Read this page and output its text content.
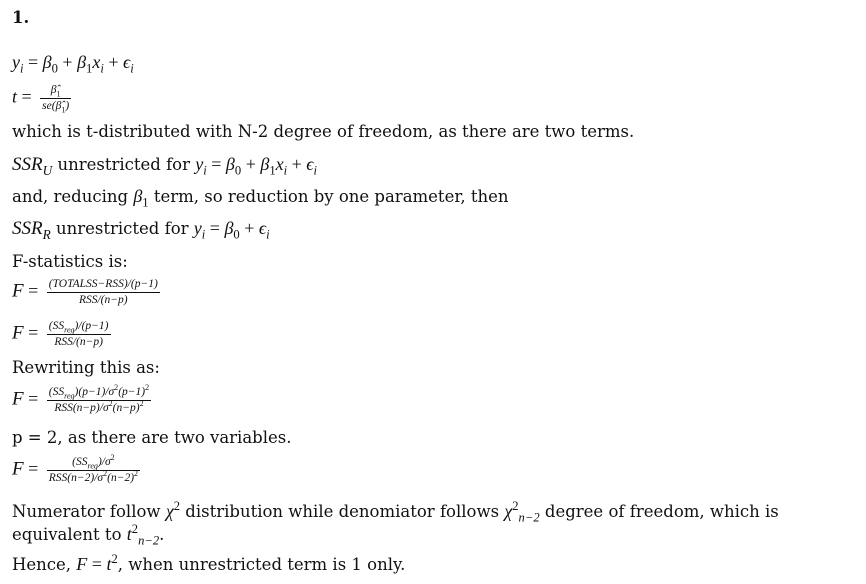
1.
$y_i = \beta_0 + \beta_1x_i + \epsilon_i$
$t = \frac{\betâ_1}{se(\betâ_1)}$
which is t-distributed with N-2 degree of freedom, as there are two terms.
$SSR_U$ unrestricted for $y_i = \beta_0 + \beta_1x_i + \epsilon_i$
and, reducing $\beta_1$ term, so reduction by one parameter, then
$SSR_R$ unrestricted for $y_i = \beta_0 + \epsilon_i$
F-statistics is:
$F = \frac{\text{(TOTALSS−RSS)/(p−1)}}{\text{RSS/(n−p)}}$
$F = \frac{(SS_{reg})/(p-1)}{\text{RSS/(n−p)}}$
Rewriting this as:
$F = \frac{(SS_{reg})(p-1)/\sigma^2(p-1)^2}{RSS(n-p)/\sigma^2(n-p)^2}$
p = 2, as there are two variables.
$F = \frac{(SS_{reg})/\sigma^2}{RSS(n-2)/\sigma^2(n-2)^2}$
Numerator follow $\chi^2$ distribution while denomiator follows $\chi^2_{n-2}$ degree of freedom, which is equivalent to $t^2_{n-2}$.
Hence, $F = t^2$, when unrestricted term is 1 only.
